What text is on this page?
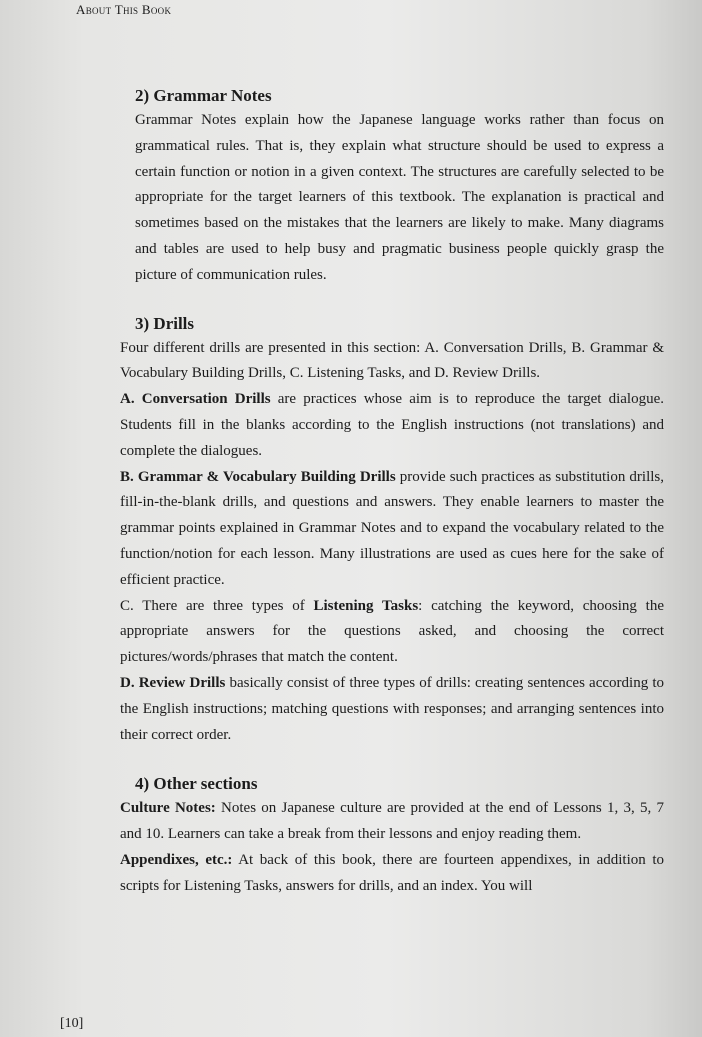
About This Book
2) Grammar Notes

Grammar Notes explain how the Japanese language works rather than focus on grammatical rules. That is, they explain what structure should be used to express a certain function or notion in a given context. The structures are carefully selected to be appropriate for the target learners of this textbook. The explanation is practical and sometimes based on the mistakes that the learners are likely to make. Many diagrams and tables are used to help busy and pragmatic business people quickly grasp the picture of communication rules.

3) Drills

Four different drills are presented in this section: A. Conversation Drills, B. Grammar & Vocabulary Building Drills, C. Listening Tasks, and D. Review Drills.

A. Conversation Drills are practices whose aim is to reproduce the target dialogue. Students fill in the blanks according to the English instructions (not translations) and complete the dialogues.

B. Grammar & Vocabulary Building Drills provide such practices as substitution drills, fill-in-the-blank drills, and questions and answers. They enable learners to master the grammar points explained in Grammar Notes and to expand the vocabulary related to the function/notion for each lesson. Many illustrations are used as cues here for the sake of efficient practice.

C. There are three types of Listening Tasks: catching the keyword, choosing the appropriate answers for the questions asked, and choosing the correct pictures/words/phrases that match the content.

D. Review Drills basically consist of three types of drills: creating sentences according to the English instructions; matching questions with responses; and arranging sentences into their correct order.

4) Other sections

Culture Notes: Notes on Japanese culture are provided at the end of Lessons 1, 3, 5, 7 and 10. Learners can take a break from their lessons and enjoy reading them.

Appendixes, etc.: At back of this book, there are fourteen appendixes, in addition to scripts for Listening Tasks, answers for drills, and an index. You will

[10]
